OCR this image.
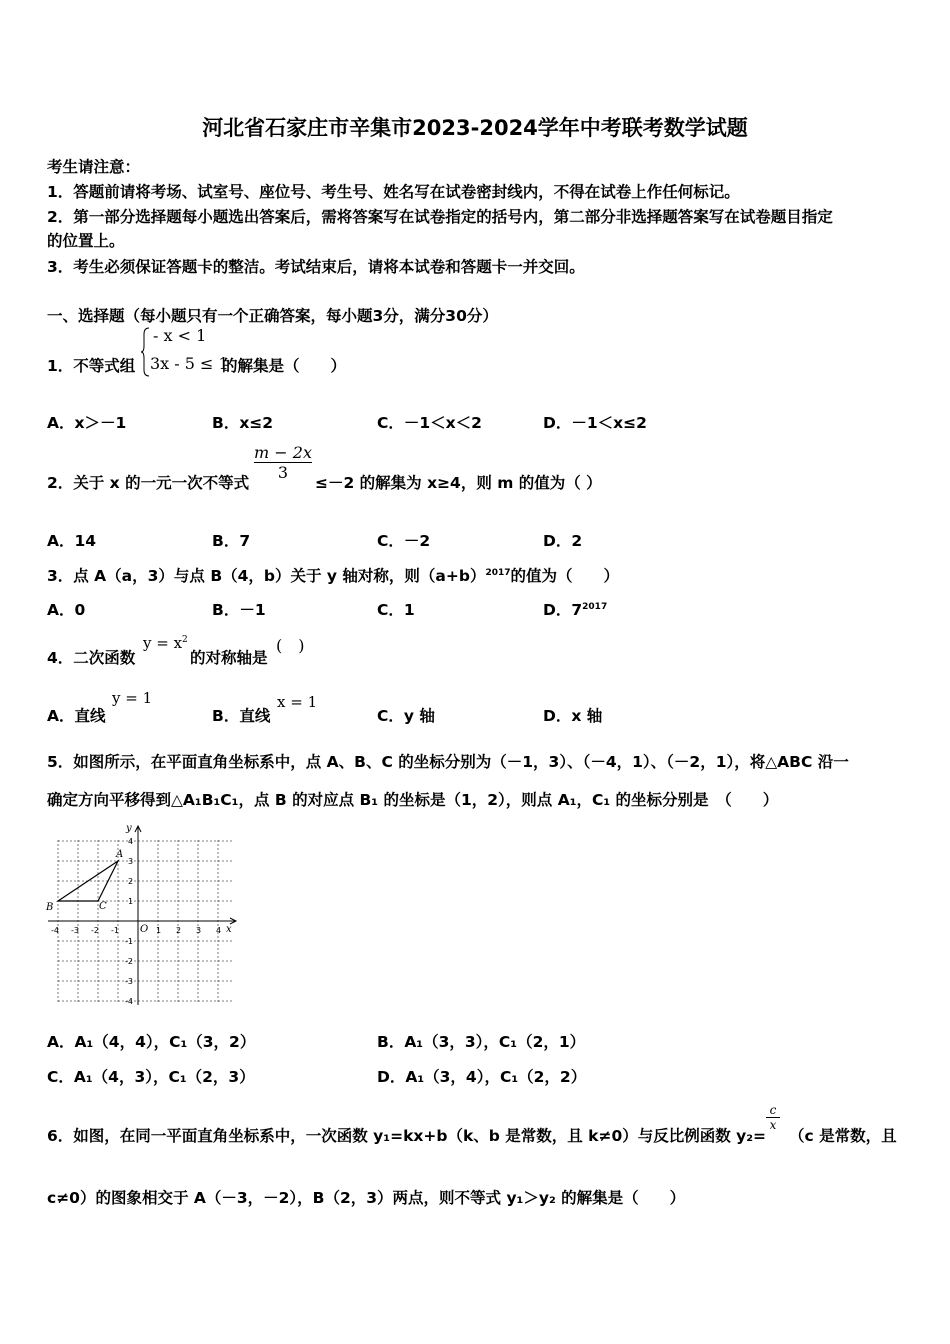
河北省石家庄市辛集市2023-2024学年中考联考数学试题
考生请注意：
1．答题前请将考场、试室号、座位号、考生号、姓名写在试卷密封线内，不得在试卷上作任何标记。
2．第一部分选择题每小题选出答案后，需将答案写在试卷指定的括号内，第二部分非选择题答案写在试卷题目指定
的位置上。
3．考生必须保证答题卡的整洁。考试结束后，请将本试卷和答题卡一并交回。
一、选择题（每小题只有一个正确答案，每小题3分，满分30分）
1．不等式组
- x < 1
3x - 5 ≤ 1
的解集是（　　）
A．x＞－1	B．x≤2	C．－1＜x＜2	D．－1＜x≤2
2．关于 x 的一元一次不等式
$\frac{m - 2x}{3}$
≤－2 的解集为 x≥4，则 m 的值为（ ）
A．14	B．7	C．－2	D．2
3．点 A（a，3）与点 B（4，b）关于 y 轴对称，则$(a+b)^{2017}$的值为（　　）
A．0	B．－1	C．1	D．$7^{2017}$
4．二次函数
$y = x^2$
的对称轴是
(　)
A．直线
y = 1
B．直线
x = 1
C．y 轴	D．x 轴
5．如图所示，在平面直角坐标系中，点 A、B、C 的坐标分别为（－1，3）、（－4，1）、（－2，1），将△ABC 沿一
确定方向平移得到△A₁B₁C₁，点 B 的对应点 B₁ 的坐标是（1，2），则点 A₁，C₁ 的坐标分别是　（　　）
y
x
O
A
B	C
-4 -3 -2 -1	1 2 3 4
4
3
2
1
-1
-2
-3
-4
A．A₁（4，4），C₁（3，2）	B．A₁（3，3），C₁（2，1）
C．A₁（4，3），C₁（2，3）	D．A₁（3，4），C₁（2，2）
6．如图，在同一平面直角坐标系中，一次函数 y₁=kx+b（k、b 是常数，且 k≠0）与反比例函数 y₂=
$\frac{c}{x}$
（c 是常数，且
c≠0）的图象相交于 A（－3，－2），B（2，3）两点，则不等式 y₁＞y₂ 的解集是（　　）
